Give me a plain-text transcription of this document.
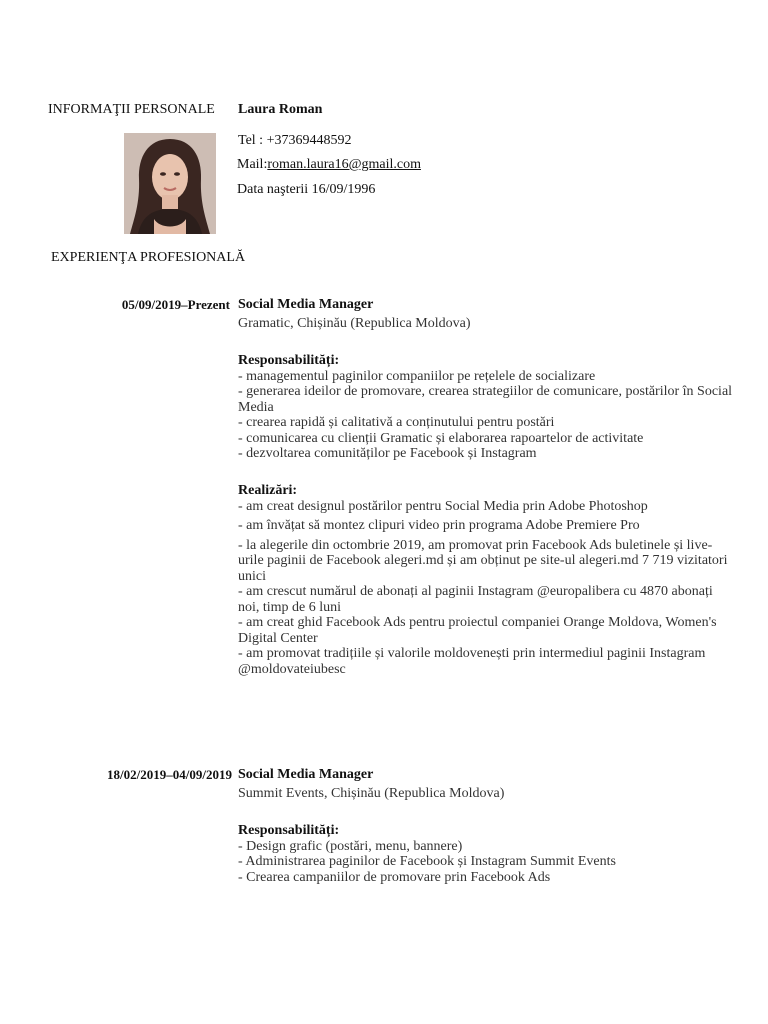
INFORMAŢII PERSONALE Laura Roman
Tel : +37369448592
Mail:roman.laura16@gmail.com
Data naşterii 16/09/1996
EXPERIENŢA PROFESIONALĂ
05/09/2019–Prezent Social Media Manager
Gramatic, Chișinău (Republica Moldova)
Responsabilități:
- managementul paginilor companiilor pe rețelele de socializare
- generarea ideilor de promovare, crearea strategiilor de comunicare, postărilor în Social Media
- crearea rapidă și calitativă a conținutului pentru postări
- comunicarea cu clienții Gramatic și elaborarea rapoartelor de activitate
- dezvoltarea comunităților pe Facebook și Instagram
Realizări:
- am creat designul postărilor pentru Social Media prin Adobe Photoshop
- am învățat să montez clipuri video prin programa Adobe Premiere Pro
- la alegerile din octombrie 2019, am promovat prin Facebook Ads buletinele și live-urile paginii de Facebook alegeri.md și am obținut pe site-ul alegeri.md 7 719 vizitatori unici
- am crescut numărul de abonați al paginii Instagram @europalibera cu 4870 abonați noi, timp de 6 luni
- am creat ghid Facebook Ads pentru proiectul companiei Orange Moldova, Women's Digital Center
- am promovat tradițiile și valorile moldovenești prin intermediul paginii Instagram @moldovateiubesc
18/02/2019–04/09/2019 Social Media Manager
Summit Events, Chișinău (Republica Moldova)
Responsabilități:
- Design grafic (postări, menu, bannere)
- Administrarea paginilor de Facebook și Instagram Summit Events
- Crearea campaniilor de promovare prin Facebook Ads
